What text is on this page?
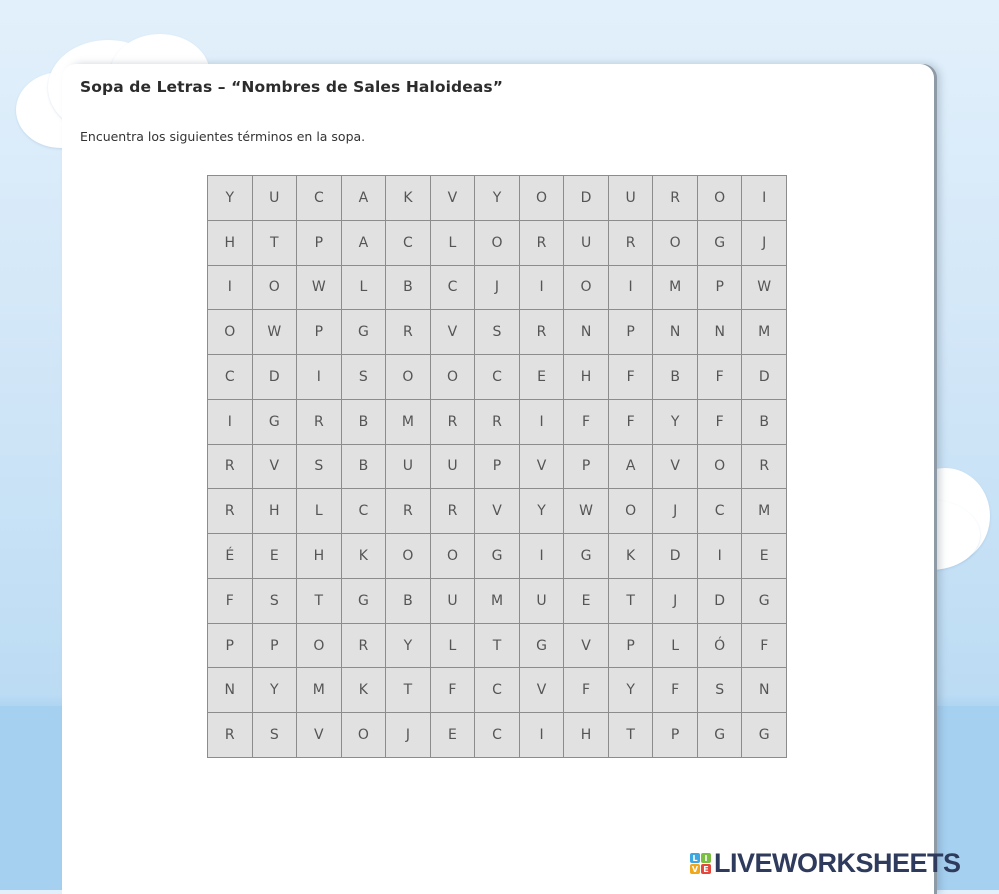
Sopa de Letras – “Nombres de Sales Haloideas”
Encuentra los siguientes términos en la sopa.
Y	U	C	A	K	V	Y	O	D	U	R	O	I
H	T	P	A	C	L	O	R	U	R	O	G	J
I	O	W	L	B	C	J	I	O	I	M	P	W
O	W	P	G	R	V	S	R	N	P	N	N	M
C	D	I	S	O	O	C	E	H	F	B	F	D
I	G	R	B	M	R	R	I	F	F	Y	F	B
R	V	S	B	U	U	P	V	P	A	V	O	R
R	H	L	C	R	R	V	Y	W	O	J	C	M
É	E	H	K	O	O	G	I	G	K	D	I	E
F	S	T	G	B	U	M	U	E	T	J	D	G
P	P	O	R	Y	L	T	G	V	P	L	Ó	F
N	Y	M	K	T	F	C	V	F	Y	F	S	N
R	S	V	O	J	E	C	I	H	T	P	G	G
L I
V E LIVEWORKSHEETS
